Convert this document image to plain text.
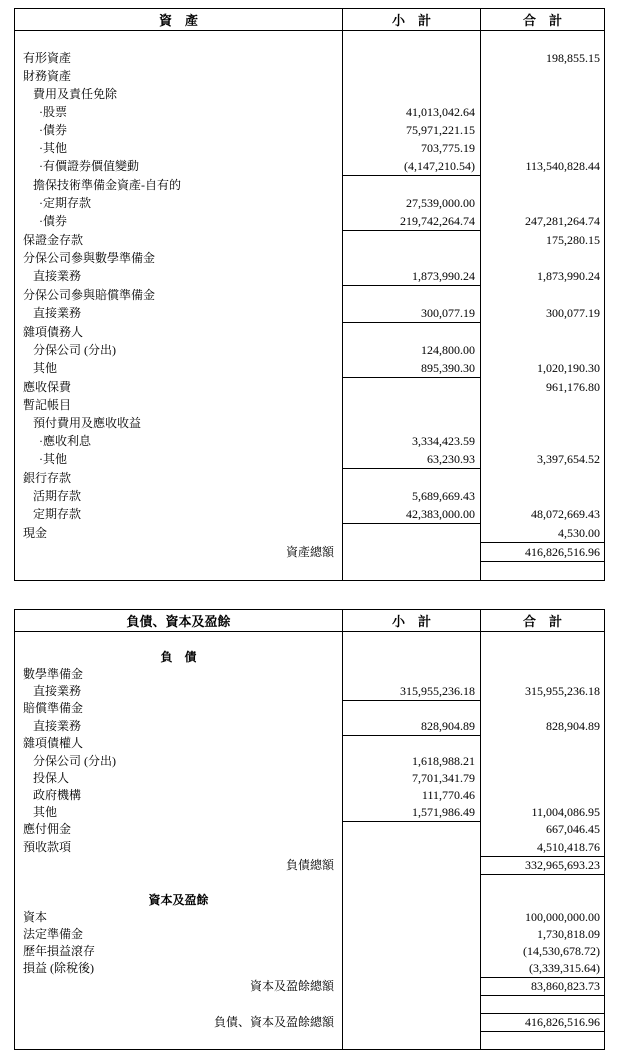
資　產	小　計	合　計

有形資產		198,855.15
財務資產		
費用及責任免除		
·股票	41,013,042.64	
·債券	75,971,221.15	
·其他	703,775.19	
·有價證券價值變動	(4,147,210.54)	113,540,828.44
擔保技術準備金資產-自有的		
·定期存款	27,539,000.00	
·債券	219,742,264.74	247,281,264.74
保證金存款		175,280.15
分保公司參與數學準備金		
直接業務	1,873,990.24	1,873,990.24
分保公司參與賠償準備金		
直接業務	300,077.19	300,077.19
雜項債務人		
分保公司 (分出)	124,800.00	
其他	895,390.30	1,020,190.30
應收保費		961,176.80
暫記帳目		
預付費用及應收收益		
·應收利息	3,334,423.59	
·其他	63,230.93	3,397,654.52
銀行存款		
活期存款	5,689,669.43	
定期存款	42,383,000.00	48,072,669.43
現金		4,530.00
資產總額		416,826,516.96

負債、資本及盈餘	小　計	合　計

負　債		
數學準備金		
直接業務	315,955,236.18	315,955,236.18
賠償準備金		
直接業務	828,904.89	828,904.89
雜項債權人		
分保公司 (分出)	1,618,988.21	
投保人	7,701,341.79	
政府機構	111,770.46	
其他	1,571,986.49	11,004,086.95
應付佣金		667,046.45
預收款項		4,510,418.76
負債總額		332,965,693.23

資本及盈餘		
資本		100,000,000.00
法定準備金		1,730,818.09
歷年損益滾存		(14,530,678.72)
損益 (除稅後)		(3,339,315.64)
資本及盈餘總額		83,860,823.73

負債、資本及盈餘總額		416,826,516.96
